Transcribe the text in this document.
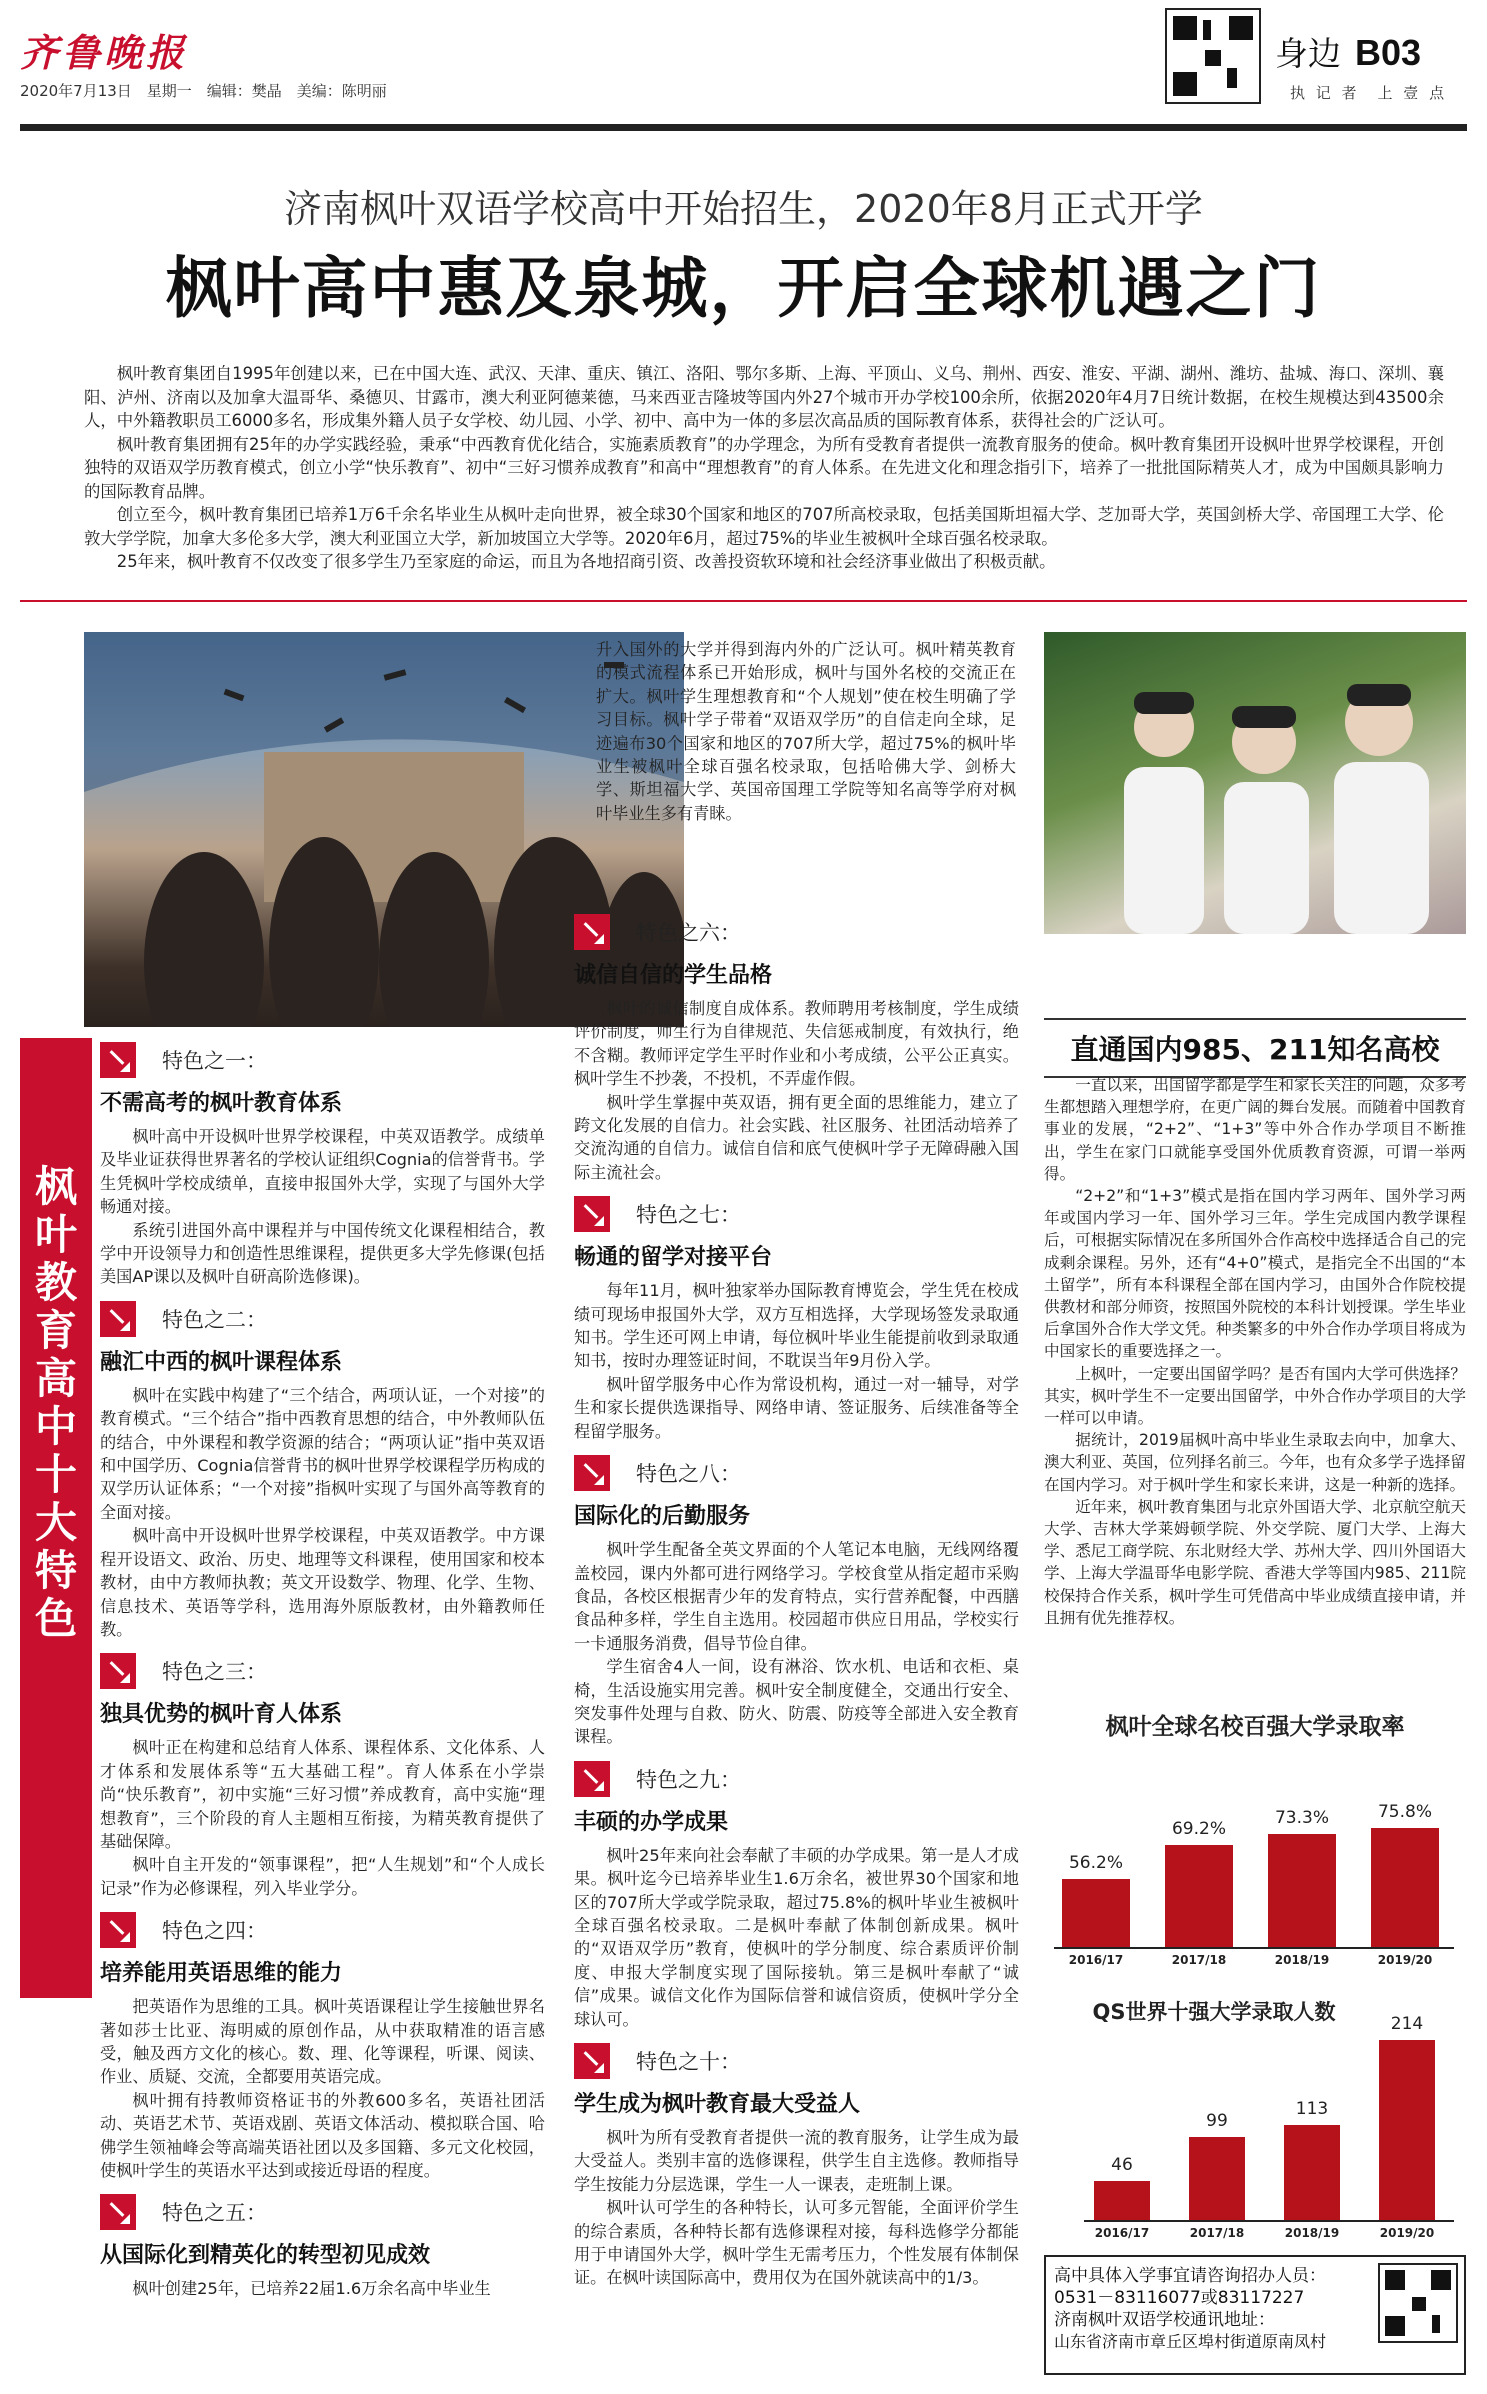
齐鲁晚报
2020年7月13日　星期一　编辑：樊晶　美编：陈明丽
身边 B03
执 记 者　上 壹 点
济南枫叶双语学校高中开始招生，2020年8月正式开学
枫叶高中惠及泉城，开启全球机遇之门

枫叶教育集团自1995年创建以来，已在中国大连、武汉、天津、重庆、镇江、洛阳、鄂尔多斯、上海、平顶山、义乌、荆州、西安、淮安、平湖、湖州、潍坊、盐城、海口、深圳、襄阳、泸州、济南以及加拿大温哥华、桑德贝、甘露市，澳大利亚阿德莱德，马来西亚吉隆坡等国内外27个城市开办学校100余所，依据2020年4月7日统计数据，在校生规模达到43500余人，中外籍教职员工6000多名，形成集外籍人员子女学校、幼儿园、小学、初中、高中为一体的多层次高品质的国际教育体系，获得社会的广泛认可。

枫叶教育集团拥有25年的办学实践经验，秉承“中西教育优化结合，实施素质教育”的办学理念，为所有受教育者提供一流教育服务的使命。枫叶教育集团开设枫叶世界学校课程，开创独特的双语双学历教育模式，创立小学“快乐教育”、初中“三好习惯养成教育”和高中“理想教育”的育人体系。在先进文化和理念指引下，培养了一批批国际精英人才，成为中国颇具影响力的国际教育品牌。

创立至今，枫叶教育集团已培养1万6千余名毕业生从枫叶走向世界，被全球30个国家和地区的707所高校录取，包括美国斯坦福大学、芝加哥大学，英国剑桥大学、帝国理工大学、伦敦大学学院，加拿大多伦多大学，澳大利亚国立大学，新加坡国立大学等。2020年6月，超过75%的毕业生被枫叶全球百强名校录取。

25年来，枫叶教育不仅改变了很多学生乃至家庭的命运，而且为各地招商引资、改善投资软环境和社会经济事业做出了积极贡献。

升入国外的大学并得到海内外的广泛认可。枫叶精英教育的模式流程体系已开始形成，枫叶与国外名校的交流正在扩大。枫叶学生理想教育和“个人规划”使在校生明确了学习目标。枫叶学子带着“双语双学历”的自信走向全球，足迹遍布30个国家和地区的707所大学，超过75%的枫叶毕业生被枫叶全球百强名校录取，包括哈佛大学、剑桥大学、斯坦福大学、英国帝国理工学院等知名高等学府对枫叶毕业生多有青睐。

枫
叶
教
育
高
中
十
大
特
色
特色之一：
不需高考的枫叶教育体系

枫叶高中开设枫叶世界学校课程，中英双语教学。成绩单及毕业证获得世界著名的学校认证组织Cognia的信誉背书。学生凭枫叶学校成绩单，直接申报国外大学，实现了与国外大学畅通对接。

系统引进国外高中课程并与中国传统文化课程相结合，教学中开设领导力和创造性思维课程，提供更多大学先修课(包括美国AP课以及枫叶自研高阶选修课)。

特色之二：
融汇中西的枫叶课程体系

枫叶在实践中构建了“三个结合，两项认证，一个对接”的教育模式。“三个结合”指中西教育思想的结合，中外教师队伍的结合，中外课程和教学资源的结合；“两项认证”指中英双语和中国学历、Cognia信誉背书的枫叶世界学校课程学历构成的双学历认证体系；“一个对接”指枫叶实现了与国外高等教育的全面对接。

枫叶高中开设枫叶世界学校课程，中英双语教学。中方课程开设语文、政治、历史、地理等文科课程，使用国家和校本教材，由中方教师执教；英文开设数学、物理、化学、生物、信息技术、英语等学科，选用海外原版教材，由外籍教师任教。

特色之三：
独具优势的枫叶育人体系

枫叶正在构建和总结育人体系、课程体系、文化体系、人才体系和发展体系等“五大基础工程”。育人体系在小学崇尚“快乐教育”，初中实施“三好习惯”养成教育，高中实施“理想教育”，三个阶段的育人主题相互衔接，为精英教育提供了基础保障。

枫叶自主开发的“领事课程”，把“人生规划”和“个人成长记录”作为必修课程，列入毕业学分。

特色之四：
培养能用英语思维的能力

把英语作为思维的工具。枫叶英语课程让学生接触世界名著如莎士比亚、海明威的原创作品，从中获取精准的语言感受，触及西方文化的核心。数、理、化等课程，听课、阅读、作业、质疑、交流，全都要用英语完成。

枫叶拥有持教师资格证书的外教600多名，英语社团活动、英语艺术节、英语戏剧、英语文体活动、模拟联合国、哈佛学生领袖峰会等高端英语社团以及多国籍、多元文化校园，使枫叶学生的英语水平达到或接近母语的程度。

特色之五：
从国际化到精英化的转型初见成效

枫叶创建25年，已培养22届1.6万余名高中毕业生

特色之六：
诚信自信的学生品格

枫叶的诚信制度自成体系。教师聘用考核制度，学生成绩评价制度，师生行为自律规范、失信惩戒制度，有效执行，绝不含糊。教师评定学生平时作业和小考成绩，公平公正真实。枫叶学生不抄袭，不投机，不弄虚作假。

枫叶学生掌握中英双语，拥有更全面的思维能力，建立了跨文化发展的自信力。社会实践、社区服务、社团活动培养了交流沟通的自信力。诚信自信和底气使枫叶学子无障碍融入国际主流社会。

特色之七：
畅通的留学对接平台

每年11月，枫叶独家举办国际教育博览会，学生凭在校成绩可现场申报国外大学，双方互相选择，大学现场签发录取通知书。学生还可网上申请，每位枫叶毕业生能提前收到录取通知书，按时办理签证时间，不耽误当年9月份入学。

枫叶留学服务中心作为常设机构，通过一对一辅导，对学生和家长提供选课指导、网络申请、签证服务、后续准备等全程留学服务。

特色之八：
国际化的后勤服务

枫叶学生配备全英文界面的个人笔记本电脑，无线网络覆盖校园，课内外都可进行网络学习。学校食堂从指定超市采购食品，各校区根据青少年的发育特点，实行营养配餐，中西膳食品种多样，学生自主选用。校园超市供应日用品，学校实行一卡通服务消费，倡导节俭自律。

学生宿舍4人一间，设有淋浴、饮水机、电话和衣柜、桌椅，生活设施实用完善。枫叶安全制度健全，交通出行安全、突发事件处理与自救、防火、防震、防疫等全部进入安全教育课程。

特色之九：
丰硕的办学成果

枫叶25年来向社会奉献了丰硕的办学成果。第一是人才成果。枫叶迄今已培养毕业生1.6万余名，被世界30个国家和地区的707所大学或学院录取，超过75.8%的枫叶毕业生被枫叶全球百强名校录取。二是枫叶奉献了体制创新成果。枫叶的“双语双学历”教育，使枫叶的学分制度、综合素质评价制度、申报大学制度实现了国际接轨。第三是枫叶奉献了“诚信”成果。诚信文化作为国际信誉和诚信资质，使枫叶学分全球认可。

特色之十：
学生成为枫叶教育最大受益人

枫叶为所有受教育者提供一流的教育服务，让学生成为最大受益人。类别丰富的选修课程，供学生自主选修。教师指导学生按能力分层选课，学生一人一课表，走班制上课。

枫叶认可学生的各种特长，认可多元智能，全面评价学生的综合素质，各种特长都有选修课程对接，每科选修学分都能用于申请国外大学，枫叶学生无需考压力，个性发展有体制保证。在枫叶读国际高中，费用仅为在国外就读高中的1/3。

直通国内985、211知名高校

一直以来，出国留学都是学生和家长关注的问题，众多考生都想踏入理想学府，在更广阔的舞台发展。而随着中国教育事业的发展，“2+2”、“1+3”等中外合作办学项目不断推出，学生在家门口就能享受国外优质教育资源，可谓一举两得。

“2+2”和“1+3”模式是指在国内学习两年、国外学习两年或国内学习一年、国外学习三年。学生完成国内教学课程后，可根据实际情况在多所国外合作高校中选择适合自己的完成剩余课程。另外，还有“4+0”模式，是指完全不出国的“本土留学”，所有本科课程全部在国内学习，由国外合作院校提供教材和部分师资，按照国外院校的本科计划授课。学生毕业后拿国外合作大学文凭。种类繁多的中外合作办学项目将成为中国家长的重要选择之一。

上枫叶，一定要出国留学吗？是否有国内大学可供选择？其实，枫叶学生不一定要出国留学，中外合作办学项目的大学一样可以申请。

据统计，2019届枫叶高中毕业生录取去向中，加拿大、澳大利亚、英国，位列择名前三。今年，也有众多学子选择留在国内学习。对于枫叶学生和家长来讲，这是一种新的选择。

近年来，枫叶教育集团与北京外国语大学、北京航空航天大学、吉林大学莱姆顿学院、外交学院、厦门大学、上海大学、悉尼工商学院、东北财经大学、苏州大学、四川外国语大学、上海大学温哥华电影学院、香港大学等国内985、211院校保持合作关系，枫叶学生可凭借高中毕业成绩直接申请，并且拥有优先推荐权。

枫叶全球名校百强大学录取率
56.2%
2016/17
69.2%
2017/18
73.3%
2018/19
75.8%
2019/20
QS世界十强大学录取人数
46
2016/17
99
2017/18
113
2018/19
214
2019/20
高中具体入学事宜请咨询招办人员：
0531－83116077或83117227
济南枫叶双语学校通讯地址：
山东省济南市章丘区埠村街道原南凤村
